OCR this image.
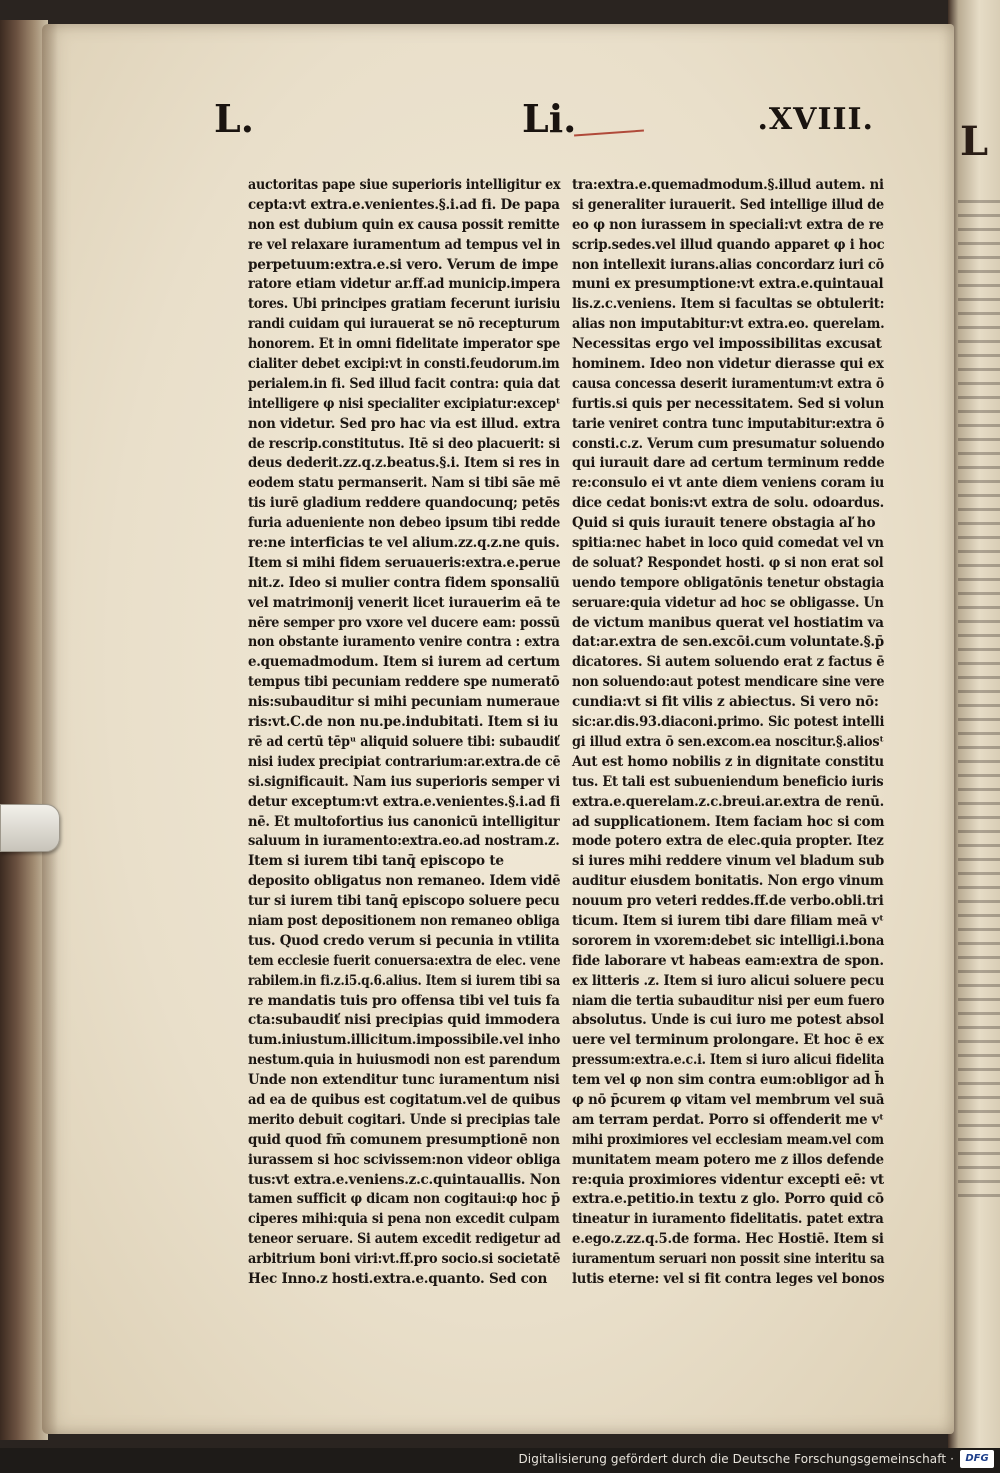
L
L.	Li.	.XVIII.
auctoritas pape siue superioris intelligitur ex
cepta:vt extra.e.venientes.§.i.ad fi. De papa
non est dubium quin ex causa possit remitte
re vel relaxare iuramentum ad tempus vel in
perpetuum:extra.e.si vero. Verum de impe
ratore etiam videtur ar.ff.ad municip.impera
tores. Ubi principes gratiam fecerunt iurisiu
randi cuidam qui iurauerat se nō recepturum
honorem. Et in omni fidelitate imperator spe
cialiter debet excipi:vt in consti.feudorum.im
perialem.in fi. Sed illud facit contra: quia dat
intelligere φ nisi specialiter excipiatur:excepᵗ
non videtur. Sed pro hac via est illud. extra
de rescrip.constitutus. Itē si deo placuerit: si
deus dederit.zz.q.z.beatus.§.i. Item si res in
eodem statu permanserit. Nam si tibi sāe mē
tis iurē gladium reddere quandocunq; petēs
furia adueniente non debeo ipsum tibi redde
re:ne interficias te vel alium.zz.q.z.ne quis.
Item si mihi fidem seruaueris:extra.e.perue
nit.z. Ideo si mulier contra fidem sponsaliū
vel matrimonij venerit licet iurauerim eā te
nēre semper pro vxore vel ducere eam: possū
non obstante iuramento venire contra : extra
e.quemadmodum. Item si iurem ad certum
tempus tibi pecuniam reddere spe numeratō
nis:subauditur si mihi pecuniam numeraue
ris:vt.C.de non nu.pe.indubitati. Item si iu
rē ad certū tēpᵘ aliquid soluere tibi: subaudiť
nisi iudex precipiat contrarium:ar.extra.de cē
si.significauit. Nam ius superioris semper vi
detur exceptum:vt extra.e.venientes.§.i.ad fi
nē. Et multofortius ius canonicū intelligitur
saluum in iuramento:extra.eo.ad nostram.z.
Item si iurem tibi tanq̄ episcopo te
deposito obligatus non remaneo. Idem vidē
tur si iurem tibi tanq̄ episcopo soluere pecu
niam post depositionem non remaneo obliga
tus. Quod credo verum si pecunia in vtilita
tem ecclesie fuerit conuersa:extra de elec. vene
rabilem.in fi.z.i5.q.6.alius. Item si iurem tibi sa
re mandatis tuis pro offensa tibi vel tuis fa
cta:subaudiť nisi precipias quid immodera
tum.iniustum.illicitum.impossibile.vel inho
nestum.quia in huiusmodi non est parendum
Unde non extenditur tunc iuramentum nisi
ad ea de quibus est cogitatum.vel de quibus
merito debuit cogitari. Unde si precipias tale
quid quod fm̄ comunem presumptionē non
iurassem si hoc scivissem:non videor obliga
tus:vt extra.e.veniens.z.c.quintauallis. Non
tamen sufficit φ dicam non cogitaui:φ hoc p̄
ciperes mihi:quia si pena non excedit culpam
teneor seruare. Si autem excedit redigetur ad
arbitrium boni viri:vt.ff.pro socio.si societatē
Hec Inno.z hosti.extra.e.quanto. Sed con
tra:extra.e.quemadmodum.§.illud autem. ni
si generaliter iurauerit. Sed intellige illud de
eo φ non iurassem in speciali:vt extra de re
scrip.sedes.vel illud quando apparet φ i hoc
non intellexit iurans.alias concordarz iuri cō
muni ex presumptione:vt extra.e.quintaual
lis.z.c.veniens. Item si facultas se obtulerit:
alias non imputabitur:vt extra.eo. querelam.
Necessitas ergo vel impossibilitas excusat
hominem. Ideo non videtur dierasse qui ex
causa concessa deserit iuramentum:vt extra ō
furtis.si quis per necessitatem. Sed si volun
tarie veniret contra tunc imputabitur:extra ō
consti.c.z. Verum cum presumatur soluendo
qui iurauit dare ad certum terminum redde
re:consulo ei vt ante diem veniens coram iu
dice cedat bonis:vt extra de solu. odoardus.
Quid si quis iurauit tenere obstagia aľ ho
spitia:nec habet in loco quid comedat vel vn
de soluat? Respondet hosti. φ si non erat sol
uendo tempore obligatōnis tenetur obstagia
seruare:quia videtur ad hoc se obligasse. Un
de victum manibus querat vel hostiatim va
dat:ar.extra de sen.excōi.cum voluntate.§.p̄
dicatores. Si autem soluendo erat z factus ē
non soluendo:aut potest mendicare sine vere
cundia:vt si fit vilis z abiectus. Si vero nō:
sic:ar.dis.93.diaconi.primo. Sic potest intelli
gi illud extra ō sen.excom.ea noscitur.§.aliosᵗ
Aut est homo nobilis z in dignitate constitu
tus. Et tali est subueniendum beneficio iuris
extra.e.querelam.z.c.breui.ar.extra de renū.
ad supplicationem. Item faciam hoc si com
mode potero extra de elec.quia propter. Itez
si iures mihi reddere vinum vel bladum sub
auditur eiusdem bonitatis. Non ergo vinum
nouum pro veteri reddes.ff.de verbo.obli.tri
ticum. Item si iurem tibi dare filiam meā vᵗ
sororem in vxorem:debet sic intelligi.i.bona
fide laborare vt habeas eam:extra de spon.
ex litteris .z. Item si iuro alicui soluere pecu
niam die tertia subauditur nisi per eum fuero
absolutus. Unde is cui iuro me potest absol
uere vel terminum prolongare. Et hoc ē ex
pressum:extra.e.c.i. Item si iuro alicui fidelita
tem vel φ non sim contra eum:obligor ad h̄
φ nō p̄curem φ vitam vel membrum vel suā
am terram perdat. Porro si offenderit me vᵗ
mihi proximiores vel ecclesiam meam.vel com
munitatem meam potero me z illos defende
re:quia proximiores videntur excepti eē: vt
extra.e.petitio.in textu z glo. Porro quid cō
tineatur in iuramento fidelitatis. patet extra
e.ego.z.zz.q.5.de forma. Hec Hostiē. Item si
iuramentum seruari non possit sine interitu sa
lutis eterne: vel si fit contra leges vel bonos
Digitalisierung gefördert durch die Deutsche Forschungsgemeinschaft ·	DFG
